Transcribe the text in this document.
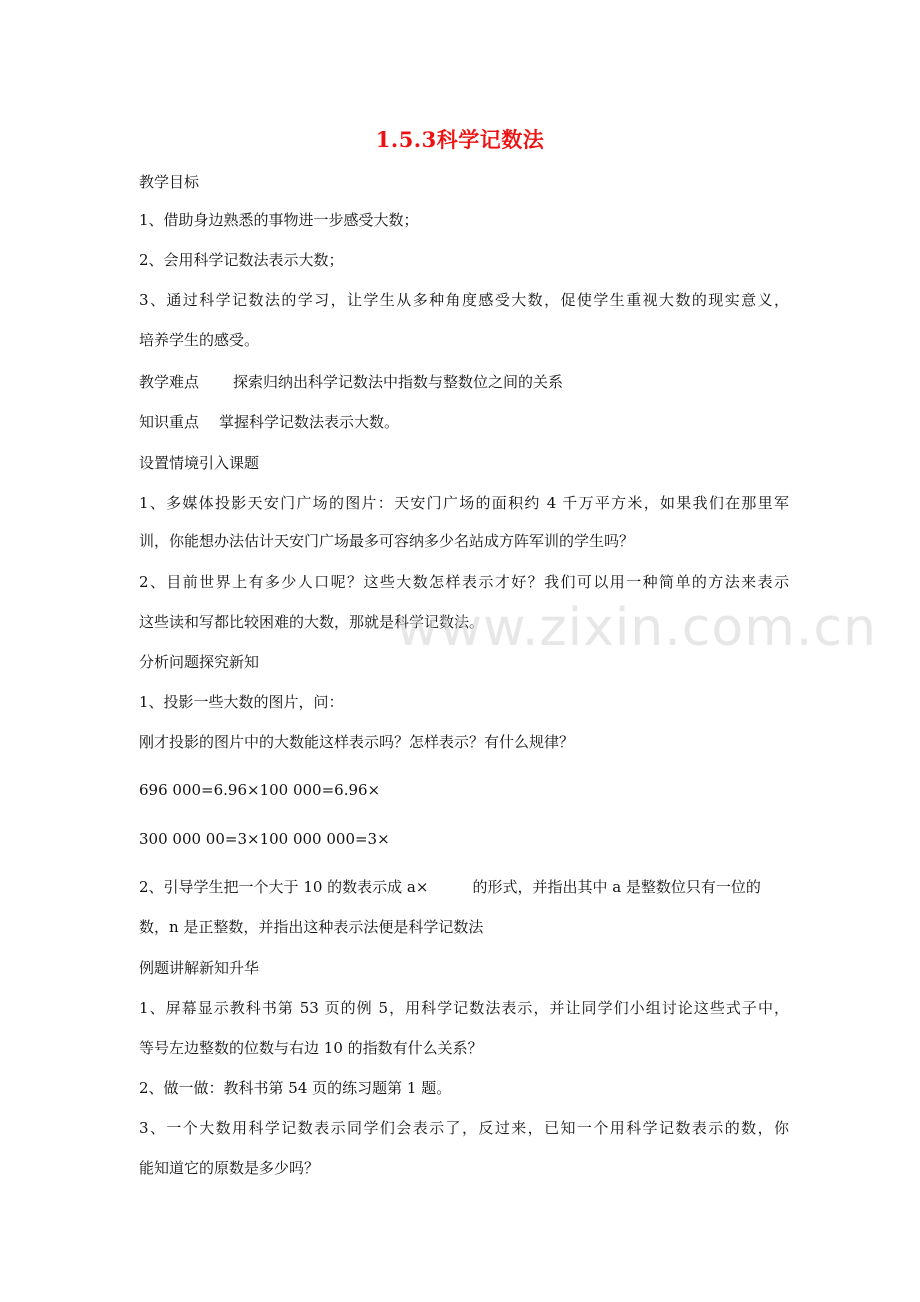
1.5.3科学记数法
教学目标
1、借助身边熟悉的事物进一步感受大数；
2、会用科学记数法表示大数；
3、通过科学记数法的学习，让学生从多种角度感受大数，促使学生重视大数的现实意义，
培养学生的感受。
教学难点 探索归纳出科学记数法中指数与整数位之间的关系
知识重点 掌握科学记数法表示大数。
设置情境引入课题
1、多媒体投影天安门广场的图片：天安门广场的面积约 4 千万平方米，如果我们在那里军
训，你能想办法估计天安门广场最多可容纳多少名站成方阵军训的学生吗？
2、目前世界上有多少人口呢？这些大数怎样表示才好？我们可以用一种简单的方法来表示
这些读和写都比较困难的大数，那就是科学记数法。
www.zixin.com.cn
分析问题探究新知
1、投影一些大数的图片，问：
刚才投影的图片中的大数能这样表示吗？怎样表示？有什么规律？
696 000=6.96×100 000=6.96×
300 000 00=3×100 000 000=3×
2、引导学生把一个大于 10 的数表示成 a×	的形式，并指出其中 a 是整数位只有一位的
数，n 是正整数，并指出这种表示法便是科学记数法
例题讲解新知升华
1、屏幕显示教科书第 53 页的例 5，用科学记数法表示，并让同学们小组讨论这些式子中，
等号左边整数的位数与右边 10 的指数有什么关系？
2、做一做：教科书第 54 页的练习题第 1 题。
3、一个大数用科学记数表示同学们会表示了，反过来，已知一个用科学记数表示的数，你
能知道它的原数是多少吗？
